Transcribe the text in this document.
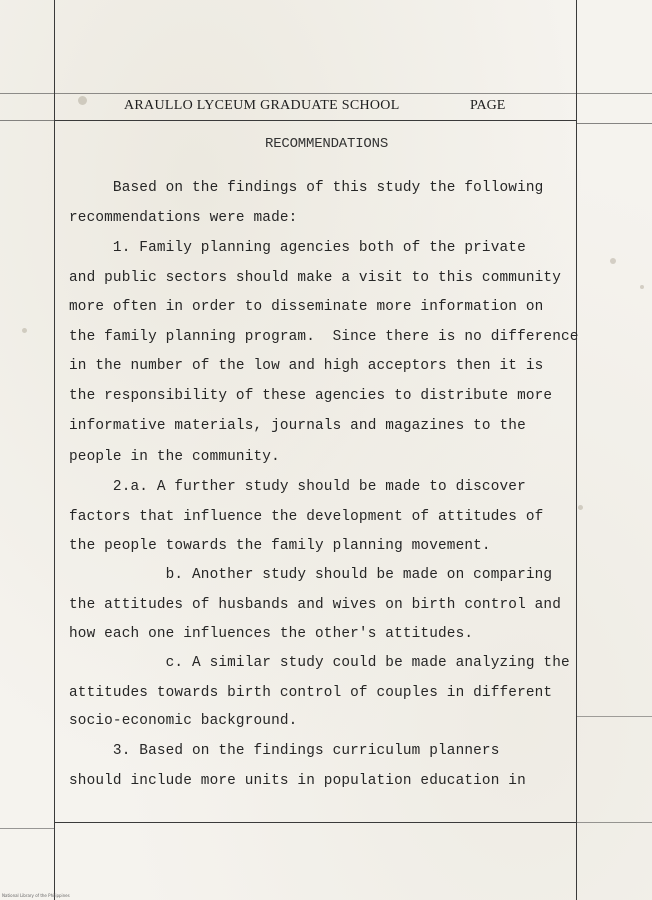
ARAULLO LYCEUM GRADUATE SCHOOL	PAGE
RECOMMENDATIONS
Based on the findings of this study the following
recommendations were made:
1. Family planning agencies both of the private
and public sectors should make a visit to this community
more often in order to disseminate more information on
the family planning program.  Since there is no difference
in the number of the low and high acceptors then it is
the responsibility of these agencies to distribute more
informative materials, journals and magazines to the
people in the community.
2.a. A further study should be made to discover
factors that influence the development of attitudes of
the people towards the family planning movement.
b. Another study should be made on comparing
the attitudes of husbands and wives on birth control and
how each one influences the other's attitudes.
c. A similar study could be made analyzing the
attitudes towards birth control of couples in different
socio-economic background.
3. Based on the findings curriculum planners
should include more units in population education in
National Library of the Philippines
